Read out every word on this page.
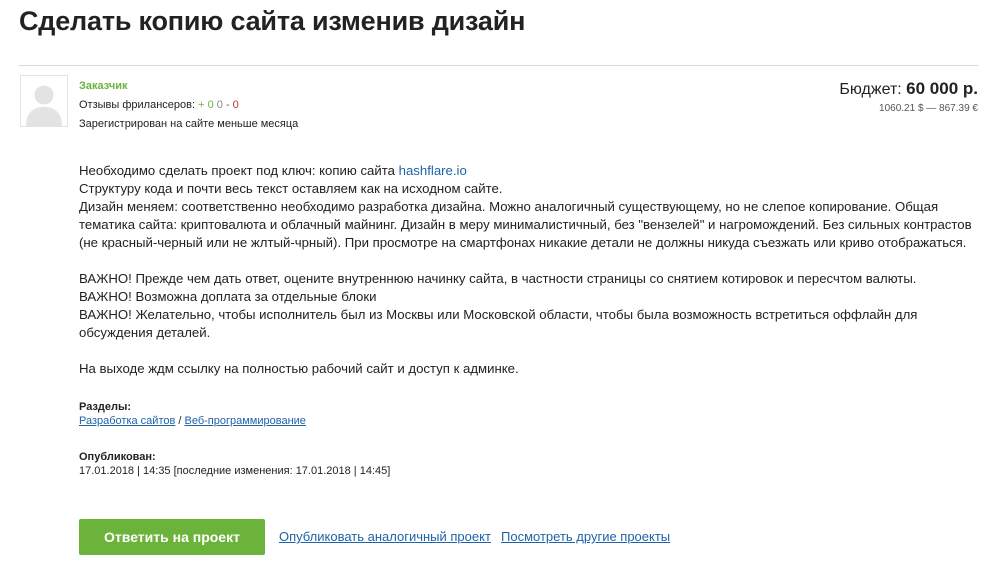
Сделать копию сайта изменив дизайн
Заказчик
Отзывы фрилансеров: + 0 0 - 0
Зарегистрирован на сайте меньше месяца
Бюджет: 60 000 р.
1060.21 $ — 867.39 €

Необходимо сделать проект под ключ: копию сайта hashflare.io

Структуру кода и почти весь текст оставляем как на исходном сайте.

Дизайн меняем: соответственно необходимо разработка дизайна. Можно аналогичный существующему, но не слепое копирование. Общая тематика сайта: криптовалюта и облачный майнинг. Дизайн в меру минималистичный, без "вензелей" и нагромождений. Без сильных контрастов (не красный-черный или не жлтый-чрный). При просмотре на смартфонах никакие детали не должны никуда съезжать или криво отображаться.

ВАЖНО! Прежде чем дать ответ, оцените внутреннюю начинку сайта, в частности страницы со снятием котировок и пересчтом валюты.

ВАЖНО! Возможна доплата за отдельные блоки

ВАЖНО! Желательно, чтобы исполнитель был из Москвы или Московской области, чтобы была возможность встретиться оффлайн для обсуждения деталей.

На выходе ждм ссылку на полностью рабочий сайт и доступ к админке.

Разделы:
Разработка сайтов / Веб-программирование
Опубликован:
17.01.2018 | 14:35 [последние изменения: 17.01.2018 | 14:45]
Ответить на проект	Опубликовать аналогичный проект Посмотреть другие проекты
